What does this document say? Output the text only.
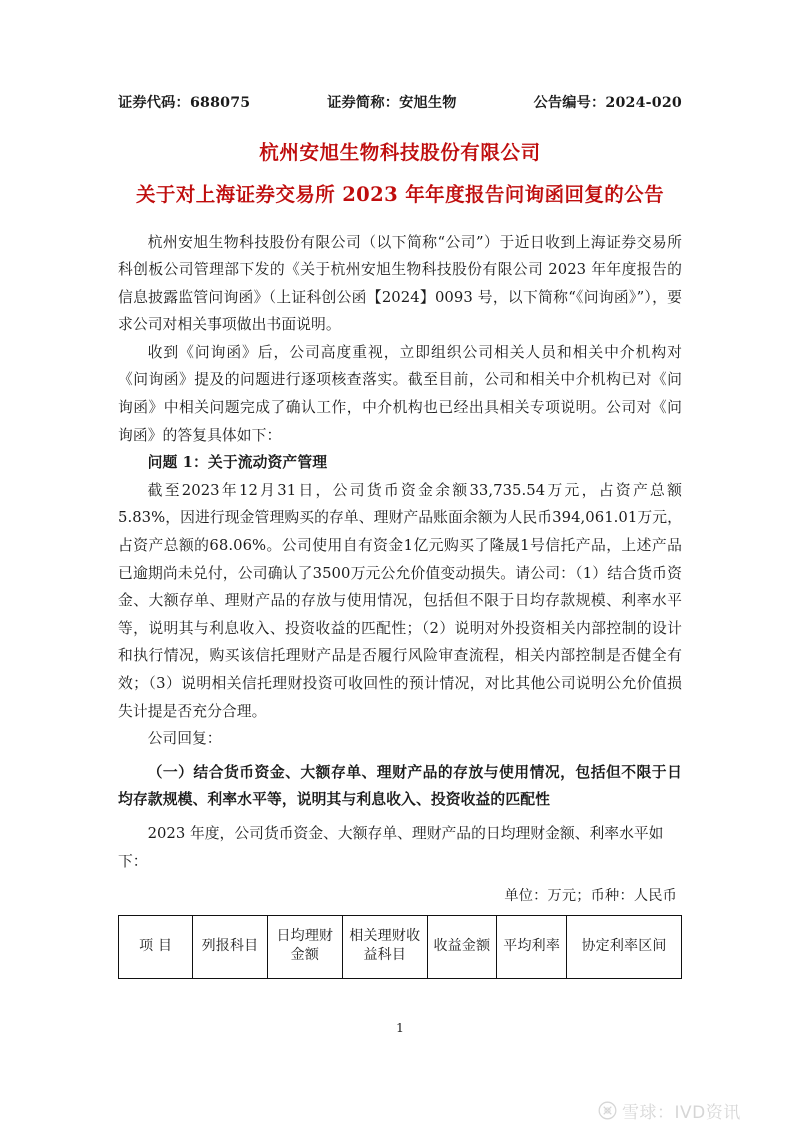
证券代码：688075	证券简称：安旭生物	公告编号：2024-020
杭州安旭生物科技股份有限公司
关于对上海证券交易所 2023 年年度报告问询函回复的公告

杭州安旭生物科技股份有限公司（以下简称“公司”）于近日收到上海证券交易所科创板公司管理部下发的《关于杭州安旭生物科技股份有限公司 2023 年年度报告的信息披露监管问询函》（上证科创公函【2024】0093 号，以下简称“《问询函》”），要求公司对相关事项做出书面说明。

收到《问询函》后，公司高度重视，立即组织公司相关人员和相关中介机构对《问询函》提及的问题进行逐项核查落实。截至目前，公司和相关中介机构已对《问询函》中相关问题完成了确认工作，中介机构也已经出具相关专项说明。公司对《问询函》的答复具体如下：

问题 1：关于流动资产管理

截至2023年12月31日，公司货币资金余额33,735.54万元，占资产总额5.83%，因进行现金管理购买的存单、理财产品账面余额为人民币394,061.01万元，占资产总额的68.06%。公司使用自有资金1亿元购买了隆晟1号信托产品，上述产品已逾期尚未兑付，公司确认了3500万元公允价值变动损失。请公司：（1）结合货币资金、大额存单、理财产品的存放与使用情况，包括但不限于日均存款规模、利率水平等，说明其与利息收入、投资收益的匹配性；（2）说明对外投资相关内部控制的设计和执行情况，购买该信托理财产品是否履行风险审查流程，相关内部控制是否健全有效；（3）说明相关信托理财投资可收回性的预计情况，对比其他公司说明公允价值损失计提是否充分合理。

公司回复：

（一）结合货币资金、大额存单、理财产品的存放与使用情况，包括但不限于日均存款规模、利率水平等，说明其与利息收入、投资收益的匹配性

2023 年度，公司货币资金、大额存单、理财产品的日均理财金额、利率水平如下：

单位：万元；币种：人民币
项 目	列报科目	日均理财金额	相关理财收益科目	收益金额	平均利率	协定利率区间
1
雪球：IVD资讯
